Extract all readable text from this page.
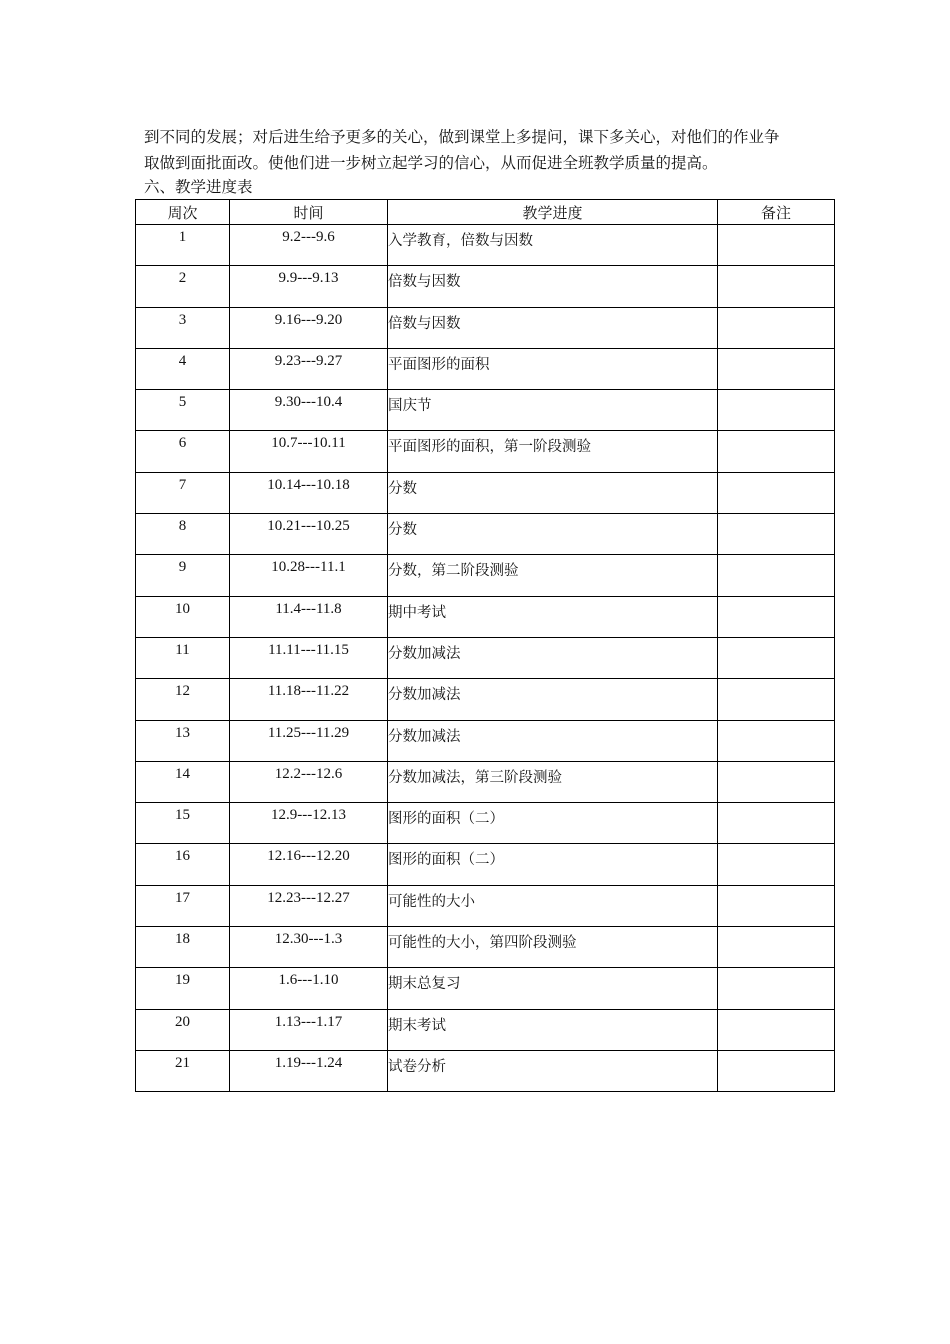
到不同的发展；对后进生给予更多的关心，做到课堂上多提问，课下多关心，对他们的作业争
取做到面批面改。使他们进一步树立起学习的信心，从而促进全班教学质量的提高。
六、教学进度表
周次	时间	教学进度	备注
1	9.2---9.6	入学教育，倍数与因数	
2	9.9---9.13	倍数与因数	
3	9.16---9.20	倍数与因数	
4	9.23---9.27	平面图形的面积	
5	9.30---10.4	国庆节	
6	10.7---10.11	平面图形的面积，第一阶段测验	
7	10.14---10.18	分数	
8	10.21---10.25	分数	
9	10.28---11.1	分数，第二阶段测验	
10	11.4---11.8	期中考试	
11	11.11---11.15	分数加减法	
12	11.18---11.22	分数加减法	
13	11.25---11.29	分数加减法	
14	12.2---12.6	分数加减法，第三阶段测验	
15	12.9---12.13	图形的面积（二）	
16	12.16---12.20	图形的面积（二）	
17	12.23---12.27	可能性的大小	
18	12.30---1.3	可能性的大小，第四阶段测验	
19	1.6---1.10	期末总复习	
20	1.13---1.17	期末考试	
21	1.19---1.24	试卷分析	
